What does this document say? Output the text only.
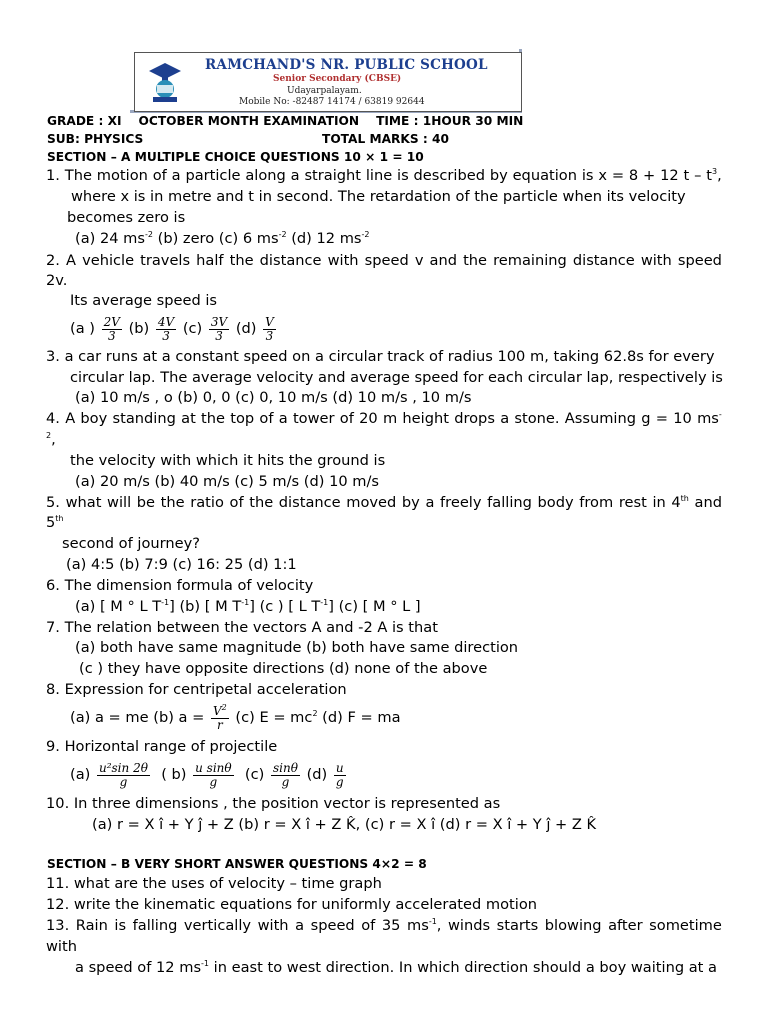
RAMCHAND'S NR. PUBLIC SCHOOL
Senior Secondary (CBSE)
Udayarpalayam.
Mobile No: -82487 14174 / 63819 92644
GRADE : XI    OCTOBER MONTH EXAMINATION    TIME : 1HOUR 30 MIN
SUB: PHYSICS	TOTAL MARKS : 40
SECTION – A MULTIPLE CHOICE QUESTIONS 10 × 1 = 10
1. The motion of a particle along a straight line is described by equation is x = 8 + 12 t – $t^3$,
where x is in metre and t in second. The retardation of the particle when its velocity
becomes zero is
(a) 24 $ms^{-2}$ (b) zero (c) 6 $ms^{-2}$ (d) 12 $ms^{-2}$
2. A vehicle travels half the distance with speed v and the remaining distance with speed
2v.
Its average speed is
(a ) $\frac{2V}{3} (b) \frac{4V}{3} (c) \frac{3V}{3} (d) \frac{V}{3}$
3. a car runs at a constant speed on a circular track of radius 100 m, taking 62.8s for every
circular lap. The average velocity and average speed for each circular lap, respectively is
(a) 10 m/s , o (b) 0, 0 (c) 0, 10 m/s (d) 10 m/s , 10 m/s
4. A boy standing at the top of a tower of 20 m height drops a stone. Assuming g = 10 ms-
$^2$,
the velocity with which it hits the ground is
(a) 20 m/s (b) 40 m/s (c) 5 m/s (d) 10 m/s
5. what will be the ratio of the distance moved by a freely falling body from rest in 4th and
5th
second of journey?
(a) 4:5 (b) 7:9 (c) 16: 25 (d) 1:1
6. The dimension formula of velocity
(a) [ M ° L $T^{-1}$] (b) [ M $T^{-1}$] (c ) [ L $T^{-1}$] (c) [ M ° L ]
7. The relation between the vectors A and -2 A is that
(a) both have same magnitude (b) both have same direction
(c ) they have opposite directions (d) none of the above
8. Expression for centripetal acceleration
(a) a = me (b) $a = \frac{V^2}{r} (c) E = mc^2$ (d) F = ma
9. Horizontal range of projectile
$(a) \frac{\text{u²sin 2θ}}{g}$ ( $b) \frac{\text{u sinθ}}{g} (c) \frac{\sin\theta}{g} (d) \frac{u}{g}$
10. In three dimensions , the position vector is represented as
(a) r = X î + Y ĵ + Z (b) r = X î + Z K̂, (c) r = X î (d) r = X î + Y ĵ + Z K̂
SECTION – B VERY SHORT ANSWER QUESTIONS 4×2 = 8
11. what are the uses of velocity – time graph
12. write the kinematic equations for uniformly accelerated motion
13. Rain is falling vertically with a speed of 35 $ms^{-1}$, winds starts blowing after sometime
with
a speed of 12 $ms^{-1}$ in east to west direction. In which direction should a boy waiting at a
